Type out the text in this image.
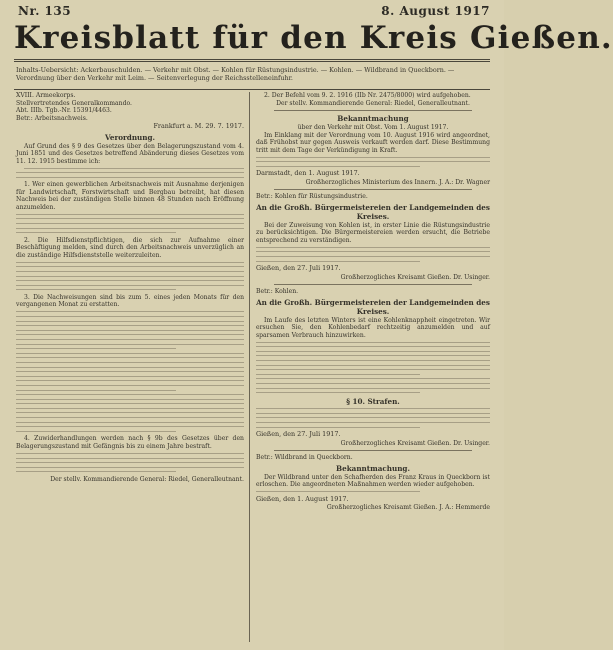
Nr. 135	8. August 1917
Kreisblatt für den Kreis Gießen.
Inhalts-Uebersicht: Ackerbauschulden. — Verkehr mit Obst. — Kohlen für Rüstungsindustrie. — Kohlen. — Wildbrand in Queckborn. — Verordnung über den Verkehr mit Leim. — Seitenverlegung der Reichsstelleneinfuhr.
XVIII. Armeekorps.
Stellvertretendes Generalkommando.
Abt. IIIb. Tgb.-Nr. 15391/4463.
Betr.: Arbeitsnachweis.
Frankfurt a. M. 29. 7. 1917.
Verordnung.

Auf Grund des § 9 des Gesetzes über den Belagerungszustand vom 4. Juni 1851 und des Gesetzes betreffend Abänderung dieses Gesetzes vom 11. 12. 1915 bestimme ich:

1. Wer einen gewerblichen Arbeitsnachweis mit Ausnahme derjenigen für Landwirtschaft, Forstwirtschaft und Bergbau betreibt, hat diesen Nachweis bei der zuständigen Stelle binnen 48 Stunden nach Eröffnung anzumelden.

2. Die Hilfsdienstpflichtigen, die sich zur Aufnahme einer Beschäftigung melden, sind durch den Arbeitsnachweis unverzüglich an die zuständige Hilfsdienststelle weiterzuleiten.

3. Die Nachweisungen sind bis zum 5. eines jeden Monats für den vergangenen Monat zu erstatten.

4. Zuwiderhandlungen werden nach § 9b des Gesetzes über den Belagerungszustand mit Gefängnis bis zu einem Jahre bestraft.

Der stellv. Kommandierende General: Riedel, Generalleutnant.

2. Der Befehl vom 9. 2. 1916 (IIb Nr. 2475/8000) wird aufgehoben.

Der stellv. Kommandierende General: Riedel, Generalleutnant.
Bekanntmachung
über den Verkehr mit Obst. Vom 1. August 1917.

Im Einklang mit der Verordnung vom 10. August 1916 wird angeordnet, daß Frühobst nur gegen Ausweis verkauft werden darf. Diese Bestimmung tritt mit dem Tage der Verkündigung in Kraft.

Darmstadt, den 1. August 1917.
Großherzogliches Ministerium des Innern. J. A.: Dr. Wagner
Betr.: Kohlen für Rüstungsindustrie.
An die Großh. Bürgermeistereien der Landgemeinden des Kreises.

Bei der Zuweisung von Kohlen ist, in erster Linie die Rüstungsindustrie zu berücksichtigen. Die Bürgermeistereien werden ersucht, die Betriebe entsprechend zu verständigen.

Gießen, den 27. Juli 1917.
Großherzogliches Kreisamt Gießen. Dr. Usinger.
Betr.: Kohlen.
An die Großh. Bürgermeistereien der Landgemeinden des Kreises.

Im Laufe des letzten Winters ist eine Kohlenknappheit eingetreten. Wir ersuchen Sie, den Kohlenbedarf rechtzeitig anzumelden und auf sparsamen Verbrauch hinzuwirken.

§ 10. Strafen.
Gießen, den 27. Juli 1917.
Großherzogliches Kreisamt Gießen. Dr. Usinger.
Betr.: Wildbrand in Queckborn.
Bekanntmachung.

Der Wildbrand unter den Schafherden des Franz Kraus in Queckborn ist erloschen. Die angeordneten Maßnahmen werden wieder aufgehoben.

Gießen, den 1. August 1917.
Großherzogliches Kreisamt Gießen. J. A.: Hemmerde
